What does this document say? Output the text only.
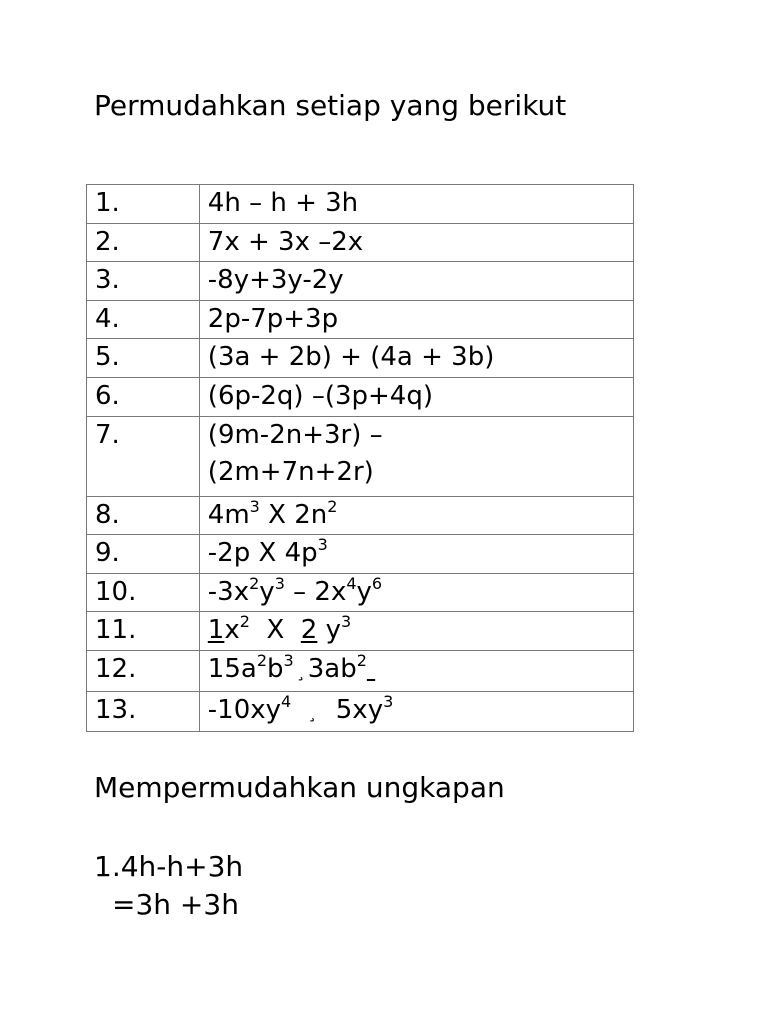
Permudahkan setiap yang berikut
1.	4h – h + 3h
2.	7x + 3x –2x
3.	-8y+3y-2y
4.	2p-7p+3p
5.	(3a + 2b) + (4a + 3b)
6.	(6p-2q) –(3p+4q)
7.	(9m-2n+3r) –
(2m+7n+2r)

8.	$4m^3$ X $2n^2$
9.	-2p X $4p^3$
10.	$-3x^2y^3 - 2x^4y^6$
11.	$1x^2$  X  2 $y^3$
12.	$15a^2b^3¸3ab^2$
13.	$-10xy^4¸$  $5xy^3$
Mempermudahkan ungkapan
1.4h-h+3h
=3h +3h
